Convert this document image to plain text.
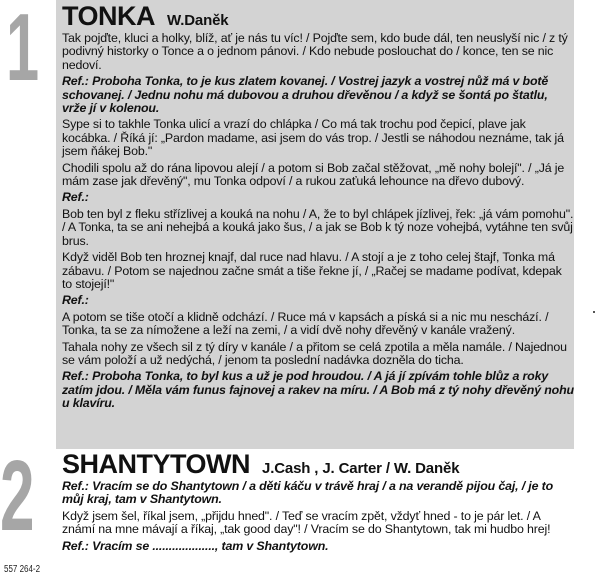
1
2
TONKA W.Daněk

Tak pojďte, kluci a holky, blíž, ať je nás tu víc! / Pojďte sem, kdo bude dál, ten neuslyší nic / z tý podivný historky o Tonce a o jednom pánovi. / Kdo nebude poslouchat do / konce, ten se nic nedoví.

Ref.: Proboha Tonka, to je kus zlatem kovanej. / Vostrej jazyk a vostrej nůž má v botě schovanej. / Jednu nohu má dubovou a druhou dřevěnou / a když se šontá po štatlu, vrže jí v kolenou.

Sype si to takhle Tonka ulicí a vrazí do chlápka / Co má tak trochu pod čepicí, plave jak kocábka. / Říká jí: „Pardon madame, asi jsem do vás trop. / Jestli se náhodou neznáme, tak já jsem ňákej Bob."

Chodili spolu až do rána lipovou alejí / a potom si Bob začal stěžovat, „mě nohy bolejí". / „Já je mám zase jak dřevěný", mu Tonka odpoví / a rukou zaťuká lehounce na dřevo dubový.

Ref.:

Bob ten byl z fleku střízlivej a kouká na nohu / A, že to byl chlápek jízlivej, řek: „já vám pomohu". / A Tonka, ta se ani nehejbá a kouká jako šus, / a jak se Bob k tý noze vohejbá, vytáhne ten svůj brus.

Když viděl Bob ten hroznej knajf, dal ruce nad hlavu. / A stojí a je z toho celej štajf, Tonka má zábavu. / Potom se najednou začne smát a tiše řekne jí, / „Račej se madame podívat, kdepak to stojejí!"

Ref.:

A potom se tiše otočí a klidně odchází. / Ruce má v kapsách a píská si a nic mu neschází. / Tonka, ta se za nímožene a leží na zemi, / a vidí dvě nohy dřevěný v kanále vražený.

Tahala nohy ze všech sil z tý díry v kanále / a přitom se celá zpotila a měla namále. / Najednou se vám položí a už nedýchá, / jenom ta poslední nadávka dozněla do ticha.

Ref.: Proboha Tonka, to byl kus a už je pod hroudou. / A já jí zpívám tohle blůz a roky zatím jdou. / Měla vám funus fajnovej a rakev na míru. / A Bob má z tý nohy dřevěný nohu u klavíru.

SHANTYTOWN J.Cash , J. Carter / W. Daněk

Ref.: Vracím se do Shantytown / a děti káču v trávě hraj / a na verandě pijou čaj, / je to můj kraj, tam v Shantytown.

Když jsem šel, říkal jsem, „přijdu hned". / Teď se vracím zpět, vždyť hned - to je pár let. / A známí na mne mávají a říkaj, „tak good day"! / Vracím se do Shantytown, tak mi hudbo hrej!

Ref.: Vracím se ..................., tam v Shantytown.

557 264-2
